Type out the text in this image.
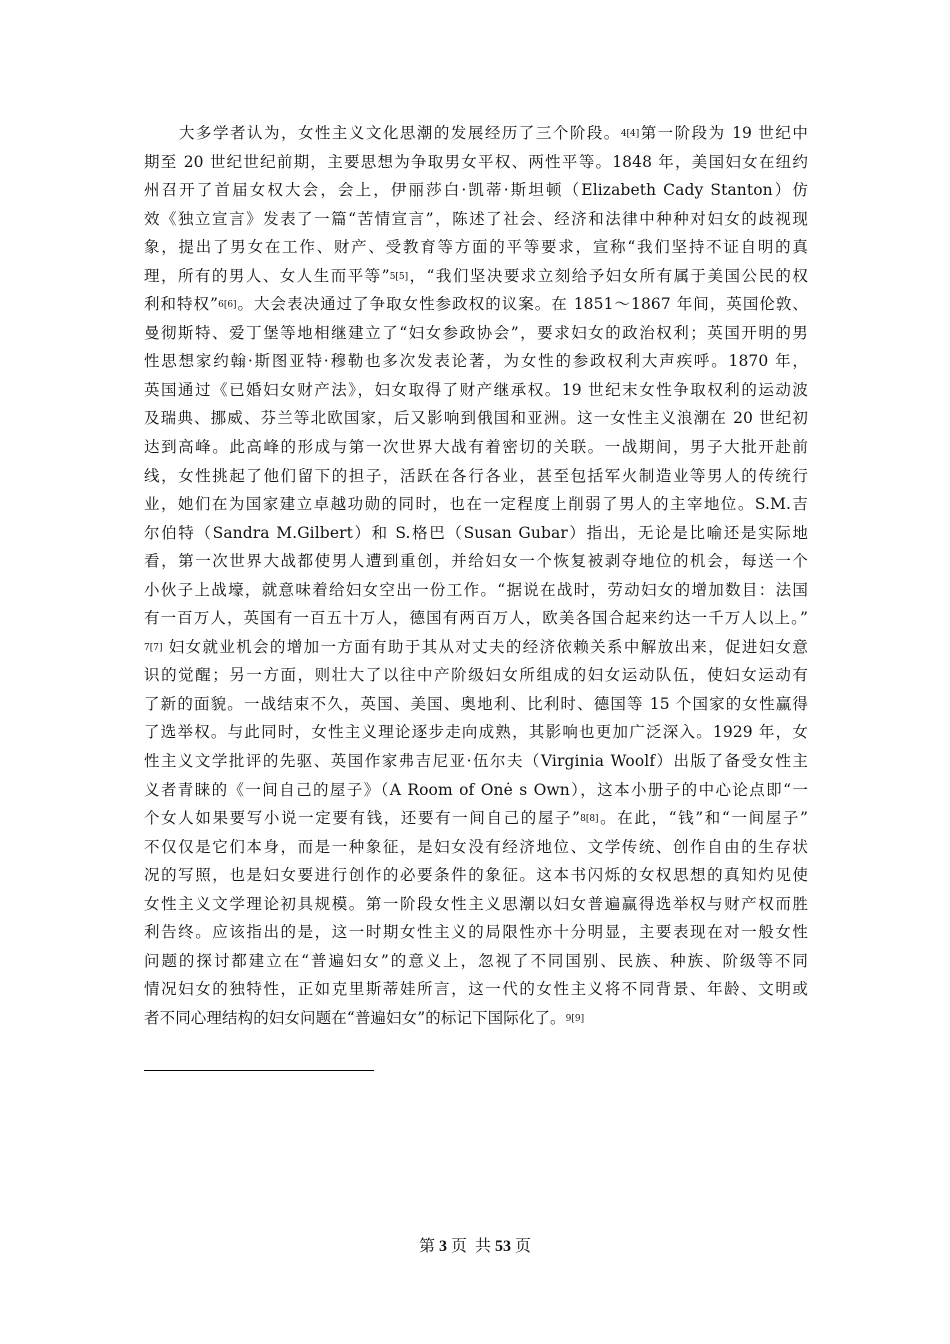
大多学者认为，女性主义文化思潮的发展经历了三个阶段。$^{4[4]}$第一阶段为 19 世纪中
期至 20 世纪世纪前期，主要思想为争取男女平权、两性平等。1848 年，美国妇女在纽约
州召开了首届女权大会，会上，伊丽莎白·凯蒂·斯坦顿（Elizabeth Cady Stanton）仿
效《独立宣言》发表了一篇“苦情宣言”，陈述了社会、经济和法律中种种对妇女的歧视现
象，提出了男女在工作、财产、受教育等方面的平等要求，宣称“我们坚持不证自明的真
理，所有的男人、女人生而平等”$^{5[5]}$，“我们坚决要求立刻给予妇女所有属于美国公民的权
利和特权”$^{6[6]}$。大会表决通过了争取女性参政权的议案。在 1851～1867 年间，英国伦敦、
曼彻斯特、爱丁堡等地相继建立了“妇女参政协会”，要求妇女的政治权利；英国开明的男
性思想家约翰·斯图亚特·穆勒也多次发表论著，为女性的参政权利大声疾呼。1870 年，
英国通过《已婚妇女财产法》，妇女取得了财产继承权。19 世纪末女性争取权利的运动波
及瑞典、挪威、芬兰等北欧国家，后又影响到俄国和亚洲。这一女性主义浪潮在 20 世纪初
达到高峰。此高峰的形成与第一次世界大战有着密切的关联。一战期间，男子大批开赴前
线，女性挑起了他们留下的担子，活跃在各行各业，甚至包括军火制造业等男人的传统行
业，她们在为国家建立卓越功勋的同时，也在一定程度上削弱了男人的主宰地位。S.M.吉
尔伯特（Sandra M.Gilbert）和 S.格巴（Susan Gubar）指出，无论是比喻还是实际地
看，第一次世界大战都使男人遭到重创，并给妇女一个恢复被剥夺地位的机会，每送一个
小伙子上战壕，就意味着给妇女空出一份工作。“据说在战时，劳动妇女的增加数目：法国
有一百万人，英国有一百五十万人，德国有两百万人，欧美各国合起来约达一千万人以上。”
$^{7[7]}$ 妇女就业机会的增加一方面有助于其从对丈夫的经济依赖关系中解放出来，促进妇女意
识的觉醒；另一方面，则壮大了以往中产阶级妇女所组成的妇女运动队伍，使妇女运动有
了新的面貌。一战结束不久，英国、美国、奥地利、比利时、德国等 15 个国家的女性赢得
了选举权。与此同时，女性主义理论逐步走向成熟，其影响也更加广泛深入。1929 年，女
性主义文学批评的先驱、英国作家弗吉尼亚·伍尔夫（Virginia Woolf）出版了备受女性主
义者青睐的《一间自己的屋子》（A Room of Onė s Own），这本小册子的中心论点即“一
个女人如果要写小说一定要有钱，还要有一间自己的屋子”$^{8[8]}$。在此，“钱”和“一间屋子”
不仅仅是它们本身，而是一种象征，是妇女没有经济地位、文学传统、创作自由的生存状
况的写照，也是妇女要进行创作的必要条件的象征。这本书闪烁的女权思想的真知灼见使
女性主义文学理论初具规模。第一阶段女性主义思潮以妇女普遍赢得选举权与财产权而胜
利告终。应该指出的是，这一时期女性主义的局限性亦十分明显，主要表现在对一般女性
问题的探讨都建立在“普遍妇女”的意义上，忽视了不同国别、民族、种族、阶级等不同
情况妇女的独特性，正如克里斯蒂娃所言，这一代的女性主义将不同背景、年龄、文明或
者不同心理结构的妇女问题在“普遍妇女”的标记下国际化了。$^{9[9]}$
第 3 页 共 53 页
